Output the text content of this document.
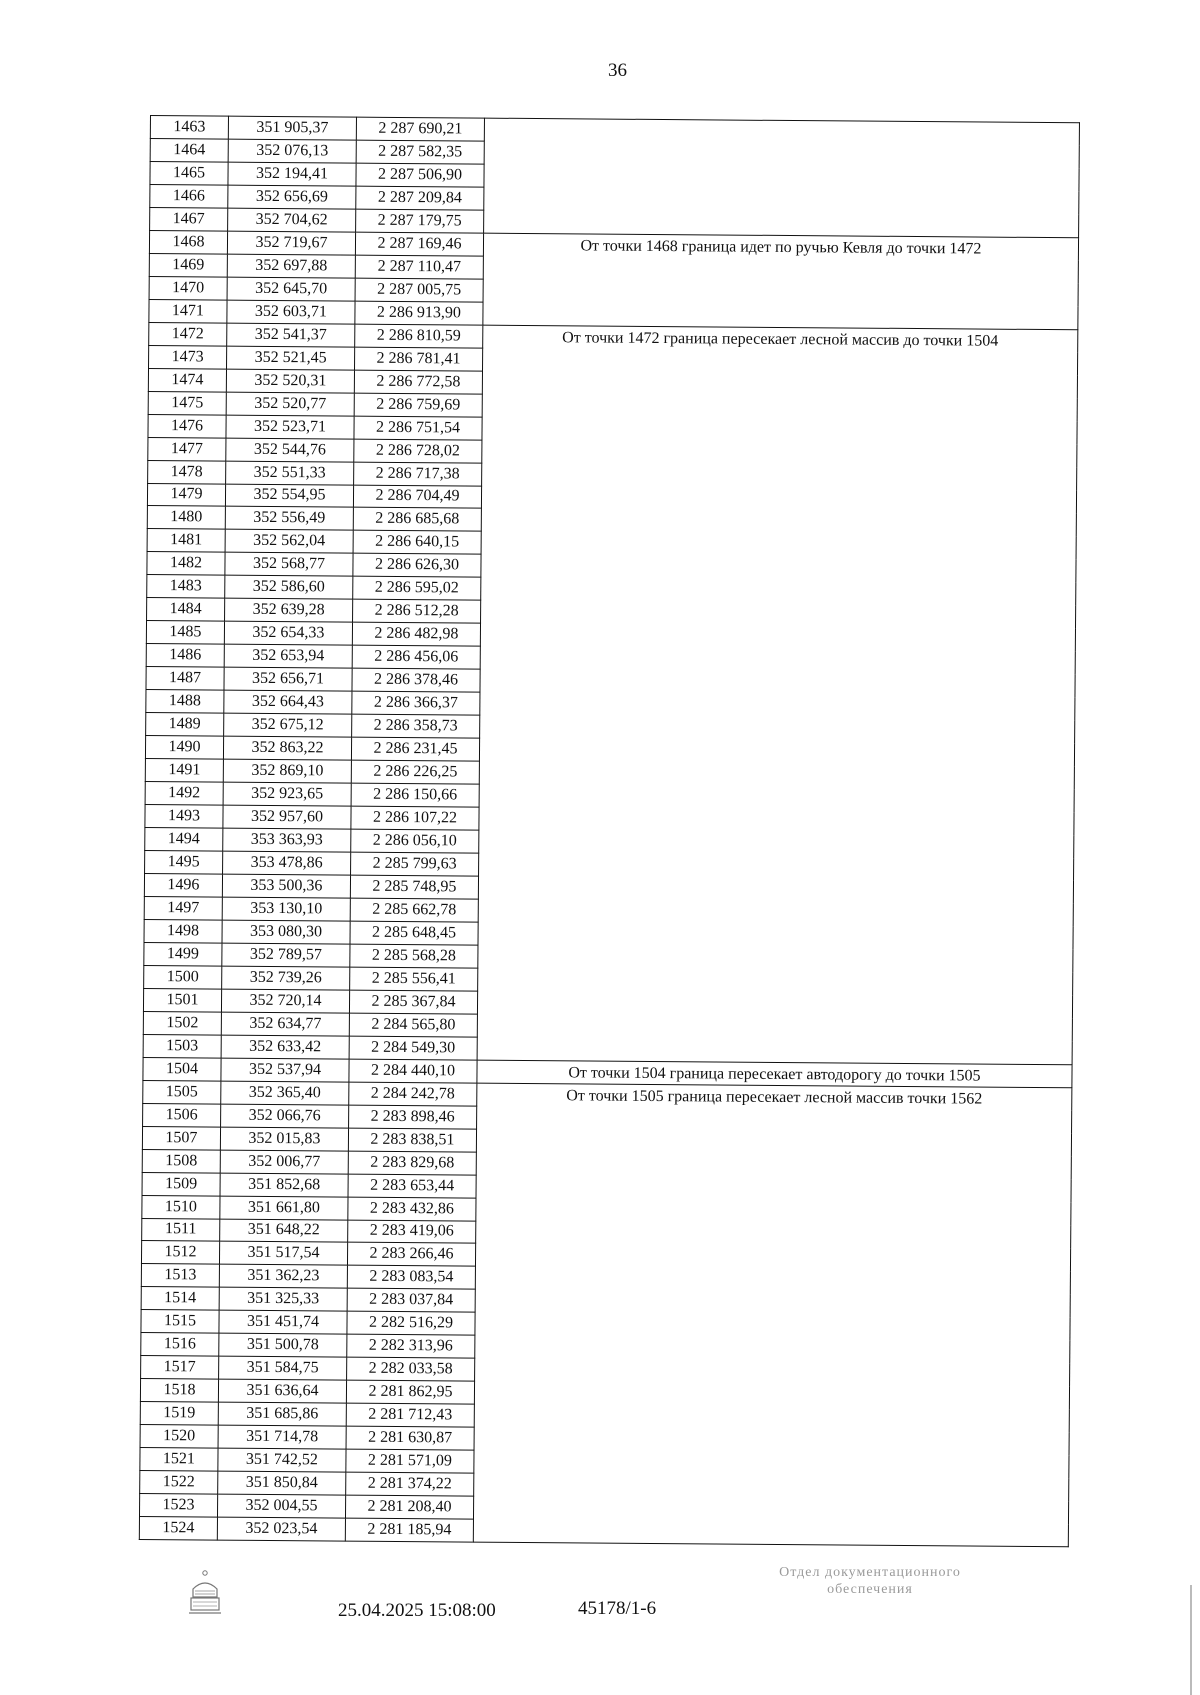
36
1463	351 905,37	2 287 690,21	
1464	352 076,13	2 287 582,35	
1465	352 194,41	2 287 506,90	
1466	352 656,69	2 287 209,84	
1467	352 704,62	2 287 179,75	
1468	352 719,67	2 287 169,46	От точки 1468 граница идет по ручью Кевля до точки 1472
1469	352 697,88	2 287 110,47	
1470	352 645,70	2 287 005,75	
1471	352 603,71	2 286 913,90	
1472	352 541,37	2 286 810,59	От точки 1472 граница пересекает лесной массив до точки 1504
1473	352 521,45	2 286 781,41	
1474	352 520,31	2 286 772,58	
1475	352 520,77	2 286 759,69	
1476	352 523,71	2 286 751,54	
1477	352 544,76	2 286 728,02	
1478	352 551,33	2 286 717,38	
1479	352 554,95	2 286 704,49	
1480	352 556,49	2 286 685,68	
1481	352 562,04	2 286 640,15	
1482	352 568,77	2 286 626,30	
1483	352 586,60	2 286 595,02	
1484	352 639,28	2 286 512,28	
1485	352 654,33	2 286 482,98	
1486	352 653,94	2 286 456,06	
1487	352 656,71	2 286 378,46	
1488	352 664,43	2 286 366,37	
1489	352 675,12	2 286 358,73	
1490	352 863,22	2 286 231,45	
1491	352 869,10	2 286 226,25	
1492	352 923,65	2 286 150,66	
1493	352 957,60	2 286 107,22	
1494	353 363,93	2 286 056,10	
1495	353 478,86	2 285 799,63	
1496	353 500,36	2 285 748,95	
1497	353 130,10	2 285 662,78	
1498	353 080,30	2 285 648,45	
1499	352 789,57	2 285 568,28	
1500	352 739,26	2 285 556,41	
1501	352 720,14	2 285 367,84	
1502	352 634,77	2 284 565,80	
1503	352 633,42	2 284 549,30	
1504	352 537,94	2 284 440,10	От точки 1504 граница пересекает автодорогу до точки 1505
1505	352 365,40	2 284 242,78	От точки 1505 граница пересекает лесной массив точки 1562
1506	352 066,76	2 283 898,46	
1507	352 015,83	2 283 838,51	
1508	352 006,77	2 283 829,68	
1509	351 852,68	2 283 653,44	
1510	351 661,80	2 283 432,86	
1511	351 648,22	2 283 419,06	
1512	351 517,54	2 283 266,46	
1513	351 362,23	2 283 083,54	
1514	351 325,33	2 283 037,84	
1515	351 451,74	2 282 516,29	
1516	351 500,78	2 282 313,96	
1517	351 584,75	2 282 033,58	
1518	351 636,64	2 281 862,95	
1519	351 685,86	2 281 712,43	
1520	351 714,78	2 281 630,87	
1521	351 742,52	2 281 571,09	
1522	351 850,84	2 281 374,22	
1523	352 004,55	2 281 208,40	
1524	352 023,54	2 281 185,94	
25.04.2025 15:08:00	45178/1-6
Отдел документационного
обеспечения
